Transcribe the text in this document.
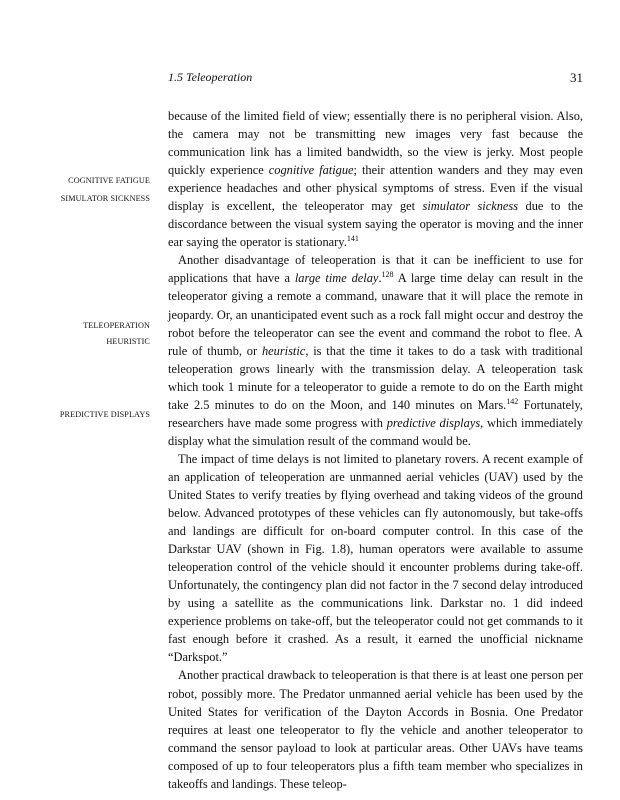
1.5 Teleoperation	31
COGNITIVE FATIGUE
SIMULATOR SICKNESS
TELEOPERATION
HEURISTIC
PREDICTIVE DISPLAYS

because of the limited field of view; essentially there is no peripheral vision. Also, the camera may not be transmitting new images very fast because the communication link has a limited bandwidth, so the view is jerky. Most people quickly experience cognitive fatigue; their attention wanders and they may even experience headaches and other physical symptoms of stress. Even if the visual display is excellent, the teleoperator may get simulator sickness due to the discordance between the visual system saying the operator is moving and the inner ear saying the operator is stationary.$^{141}$

Another disadvantage of teleoperation is that it can be inefficient to use for applications that have a large time delay.$^{128}$ A large time delay can result in the teleoperator giving a remote a command, unaware that it will place the remote in jeopardy. Or, an unanticipated event such as a rock fall might occur and destroy the robot before the teleoperator can see the event and command the robot to flee. A rule of thumb, or heuristic, is that the time it takes to do a task with traditional teleoperation grows linearly with the transmission delay. A teleoperation task which took 1 minute for a teleoperator to guide a remote to do on the Earth might take 2.5 minutes to do on the Moon, and 140 minutes on Mars.$^{142}$ Fortunately, researchers have made some progress with predictive displays, which immediately display what the simulation result of the command would be.

The impact of time delays is not limited to planetary rovers. A recent example of an application of teleoperation are unmanned aerial vehicles (UAV) used by the United States to verify treaties by flying overhead and taking videos of the ground below. Advanced prototypes of these vehicles can fly autonomously, but take-offs and landings are difficult for on-board computer control. In this case of the Darkstar UAV (shown in Fig. 1.8), human operators were available to assume teleoperation control of the vehicle should it encounter problems during take-off. Unfortunately, the contingency plan did not factor in the 7 second delay introduced by using a satellite as the communications link. Darkstar no. 1 did indeed experience problems on take-off, but the teleoperator could not get commands to it fast enough before it crashed. As a result, it earned the unofficial nickname “Darkspot.”

Another practical drawback to teleoperation is that there is at least one person per robot, possibly more. The Predator unmanned aerial vehicle has been used by the United States for verification of the Dayton Accords in Bosnia. One Predator requires at least one teleoperator to fly the vehicle and another teleoperator to command the sensor payload to look at particular areas. Other UAVs have teams composed of up to four teleoperators plus a fifth team member who specializes in takeoffs and landings. These teleop-
